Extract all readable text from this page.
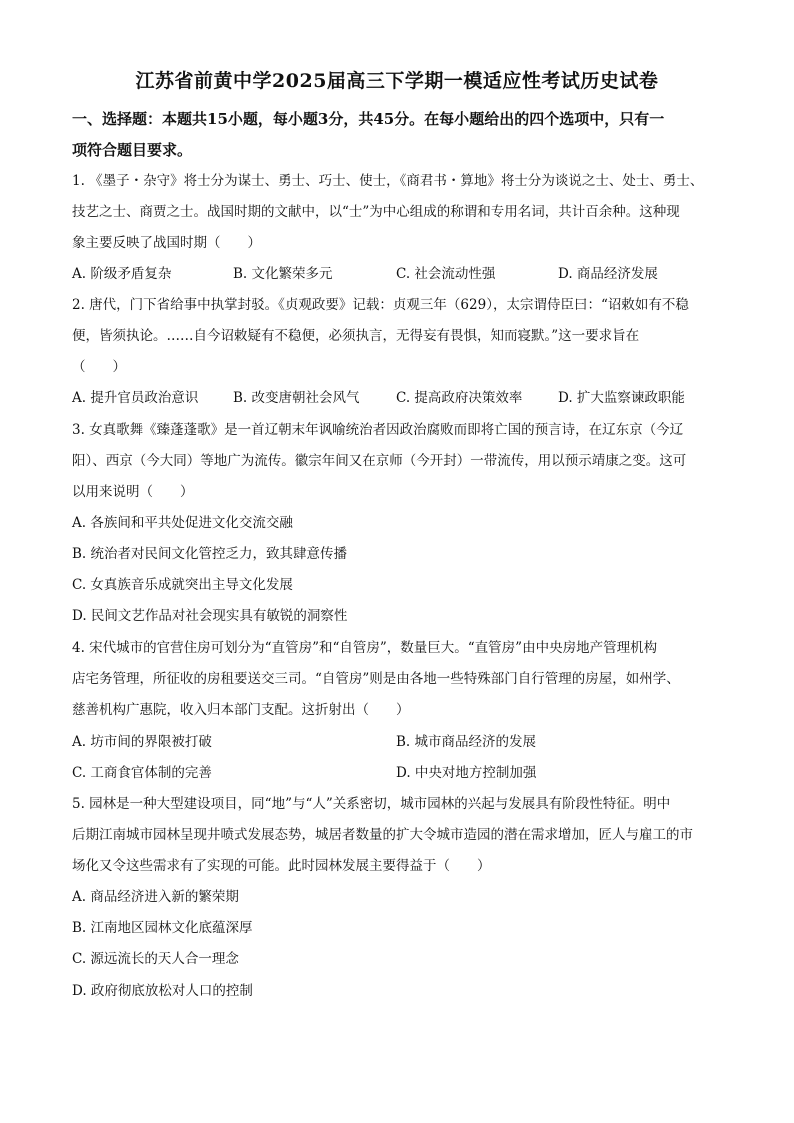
江苏省前黄中学2025届高三下学期一模适应性考试历史试卷
一、选择题：本题共15小题，每小题3分，共45分。在每小题给出的四个选项中，只有一
项符合题目要求。
1. 《墨子・杂守》将士分为谋士、勇士、巧士、使士，《商君书・算地》将士分为谈说之士、处士、勇士、
技艺之士、商贾之士。战国时期的文献中，以“士”为中心组成的称谓和专用名词，共计百余种。这种现
象主要反映了战国时期（　　）
A. 阶级矛盾复杂	B. 文化繁荣多元	C. 社会流动性强	D. 商品经济发展
2. 唐代，门下省给事中执掌封驳。《贞观政要》记载：贞观三年（629），太宗谓侍臣曰：“诏敕如有不稳
便，皆须执论。……自今诏敕疑有不稳便，必须执言，无得妄有畏惧，知而寝默。”这一要求旨在
（　　）
A. 提升官员政治意识	B. 改变唐朝社会风气	C. 提高政府决策效率	D. 扩大监察谏政职能
3. 女真歌舞《臻蓬蓬歌》是一首辽朝末年讽喻统治者因政治腐败而即将亡国的预言诗，在辽东京（今辽
阳）、西京（今大同）等地广为流传。徽宗年间又在京师（今开封）一带流传，用以预示靖康之变。这可
以用来说明（　　）
A. 各族间和平共处促进文化交流交融
B. 统治者对民间文化管控乏力，致其肆意传播
C. 女真族音乐成就突出主导文化发展
D. 民间文艺作品对社会现实具有敏锐的洞察性
4. 宋代城市的官营住房可划分为“直管房”和“自管房”，数量巨大。“直管房”由中央房地产管理机构
店宅务管理，所征收的房租要送交三司。“自管房”则是由各地一些特殊部门自行管理的房屋，如州学、
慈善机构广惠院，收入归本部门支配。这折射出（　　）
A. 坊市间的界限被打破	B. 城市商品经济的发展
C. 工商食官体制的完善	D. 中央对地方控制加强
5. 园林是一种大型建设项目，同“地”与“人”关系密切，城市园林的兴起与发展具有阶段性特征。明中
后期江南城市园林呈现井喷式发展态势，城居者数量的扩大令城市造园的潜在需求增加，匠人与雇工的市
场化又令这些需求有了实现的可能。此时园林发展主要得益于（　　）
A. 商品经济进入新的繁荣期
B. 江南地区园林文化底蕴深厚
C. 源远流长的天人合一理念
D. 政府彻底放松对人口的控制
